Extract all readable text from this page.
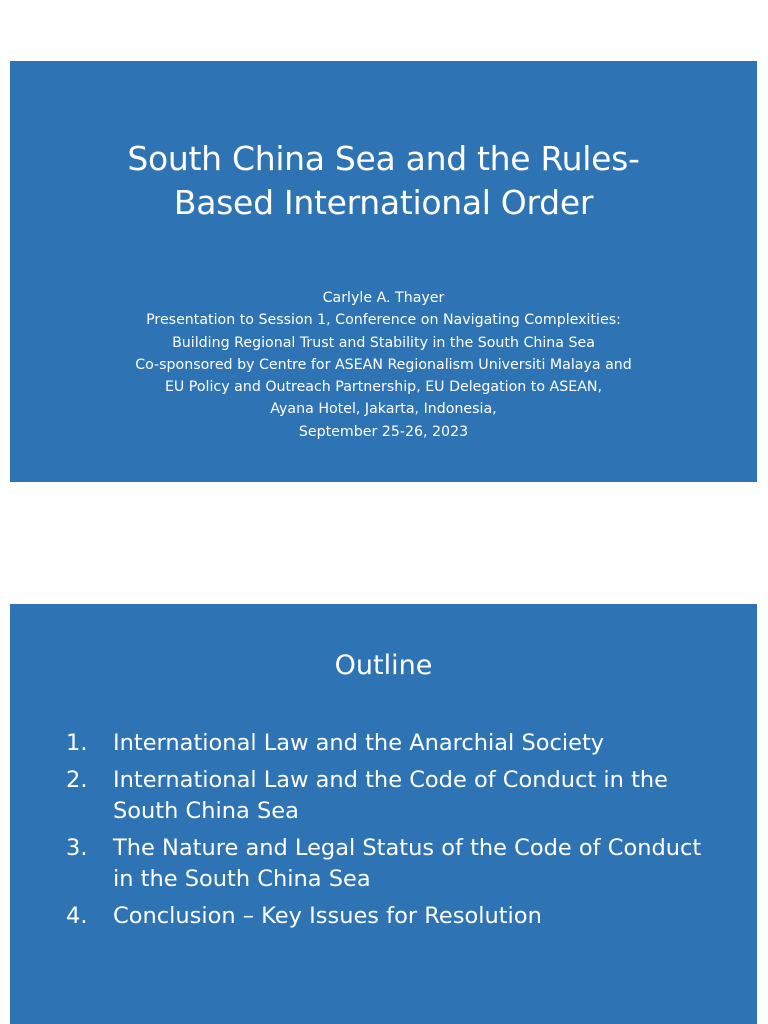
South China Sea and the Rules-
Based International Order
Carlyle A. Thayer
Presentation to Session 1, Conference on Navigating Complexities:
Building Regional Trust and Stability in the South China Sea
Co-sponsored by Centre for ASEAN Regionalism Universiti Malaya and
EU Policy and Outreach Partnership, EU Delegation to ASEAN,
Ayana Hotel, Jakarta, Indonesia,
September 25-26, 2023
Outline
1. International Law and the Anarchial Society
2. International Law and the Code of Conduct in the
South China Sea
3. The Nature and Legal Status of the Code of Conduct
in the South China Sea
4. Conclusion – Key Issues for Resolution
